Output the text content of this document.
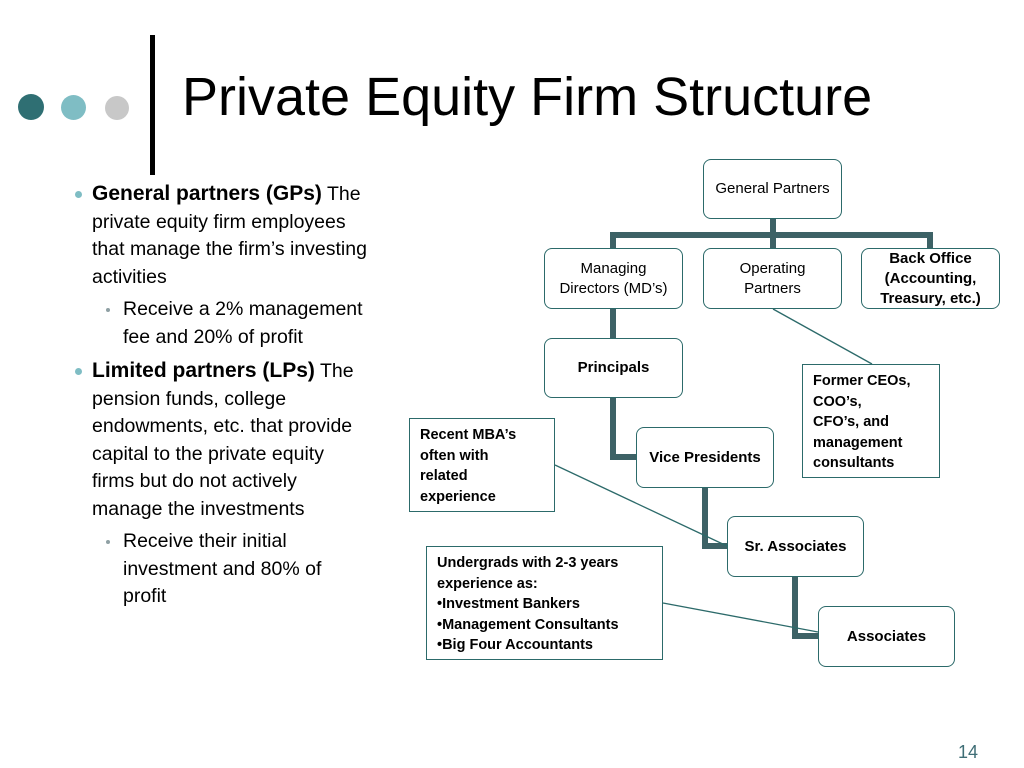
Private Equity Firm Structure
General partners (GPs) The private equity firm employees that manage the firm’s investing activities
Receive a 2% management fee and 20% of profit
Limited partners (LPs) The pension funds, college endowments, etc. that provide capital to the private equity firms but do not actively manage the investments
Receive their initial investment and 80% of profit
General Partners
Managing
Directors (MD’s)
Operating
Partners
Back Office
(Accounting,
Treasury, etc.)
Principals
Vice Presidents
Sr. Associates
Associates
Former CEOs,
COO’s,
CFO’s, and
management
consultants
Recent MBA’s
often with
related
experience
Undergrads with 2-3 years
experience as:
•Investment Bankers
•Management Consultants
•Big Four Accountants
14
